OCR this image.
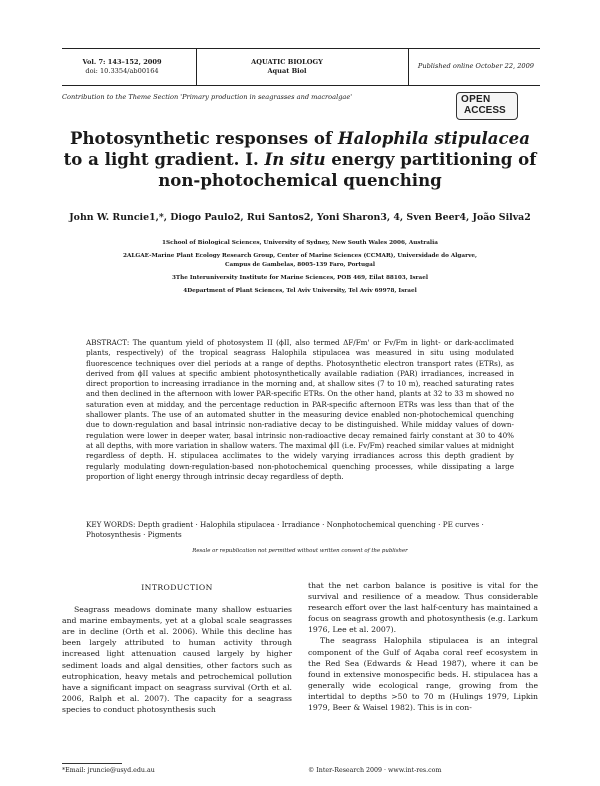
Vol. 7: 143–152, 2009
doi: 10.3354/ab00164
AQUATIC BIOLOGY
Aquat Biol
Published online October 22, 2009
Contribution to the Theme Section 'Primary production in seagrasses and macroalgae'	OPEN
ACCESS
Photosynthetic responses of Halophila stipulacea
to a light gradient. I. In situ energy partitioning of
non-photochemical quenching
John W. Runcie1,*, Diogo Paulo2, Rui Santos2, Yoni Sharon3, 4, Sven Beer4, João Silva2
1School of Biological Sciences, University of Sydney, New South Wales 2006, Australia
2ALGAE-Marine Plant Ecology Research Group, Center of Marine Sciences (CCMAR), Universidade do Algarve,
Campus de Gambelas, 8005-139 Faro, Portugal
3The Interuniversity Institute for Marine Sciences, POB 469, Eilat 88103, Israel
4Department of Plant Sciences, Tel Aviv University, Tel Aviv 69978, Israel
ABSTRACT: The quantum yield of photosystem II (ϕII, also termed ΔF/Fm' or Fv/Fm in light- or dark-acclimated plants, respectively) of the tropical seagrass Halophila stipulacea was measured in situ using modulated fluorescence techniques over diel periods at a range of depths. Photosynthetic electron transport rates (ETRs), as derived from ϕII values at specific ambient photosynthetically available radiation (PAR) irradiances, increased in direct proportion to increasing irradiance in the morning and, at shallow sites (7 to 10 m), reached saturating rates and then declined in the afternoon with lower PAR-specific ETRs. On the other hand, plants at 32 to 33 m showed no saturation even at midday, and the percentage reduction in PAR-specific afternoon ETRs was less than that of the shallower plants. The use of an automated shutter in the measuring device enabled non-photochemical quenching due to down-regulation and basal intrinsic non-radiative decay to be distinguished. While midday values of down-regulation were lower in deeper water, basal intrinsic non-radioactive decay remained fairly constant at 30 to 40% at all depths, with more variation in shallow waters. The maximal ϕII (i.e. Fv/Fm) reached similar values at midnight regardless of depth. H. stipulacea acclimates to the widely varying irradiances across this depth gradient by regularly modulating down-regulation-based non-photochemical quenching processes, while dissipating a large proportion of light energy through intrinsic decay regardless of depth.
KEY WORDS: Depth gradient · Halophila stipulacea · Irradiance · Nonphotochemical quenching · PE curves · Photosynthesis · Pigments
Resale or republication not permitted without written consent of the publisher
INTRODUCTION

Seagrass meadows dominate many shallow estuaries and marine embayments, yet at a global scale seagrasses are in decline (Orth et al. 2006). While this decline has been largely attributed to human activity through increased light attenuation caused largely by higher sediment loads and algal densities, other factors such as eutrophication, heavy metals and petrochemical pollution have a significant impact on seagrass survival (Orth et al. 2006, Ralph et al. 2007). The capacity for a seagrass species to conduct photosynthesis such

that the net carbon balance is positive is vital for the survival and resilience of a meadow. Thus considerable research effort over the last half-century has maintained a focus on seagrass growth and photosynthesis (e.g. Larkum 1976, Lee et al. 2007).

The seagrass Halophila stipulacea is an integral component of the Gulf of Aqaba coral reef ecosystem in the Red Sea (Edwards & Head 1987), where it can be found in extensive monospecific beds. H. stipulacea has a generally wide ecological range, growing from the intertidal to depths >50 to 70 m (Hulings 1979, Lipkin 1979, Beer & Waisel 1982). This is in con-

*Email: jruncie@usyd.edu.au	© Inter-Research 2009 · www.int-res.com
